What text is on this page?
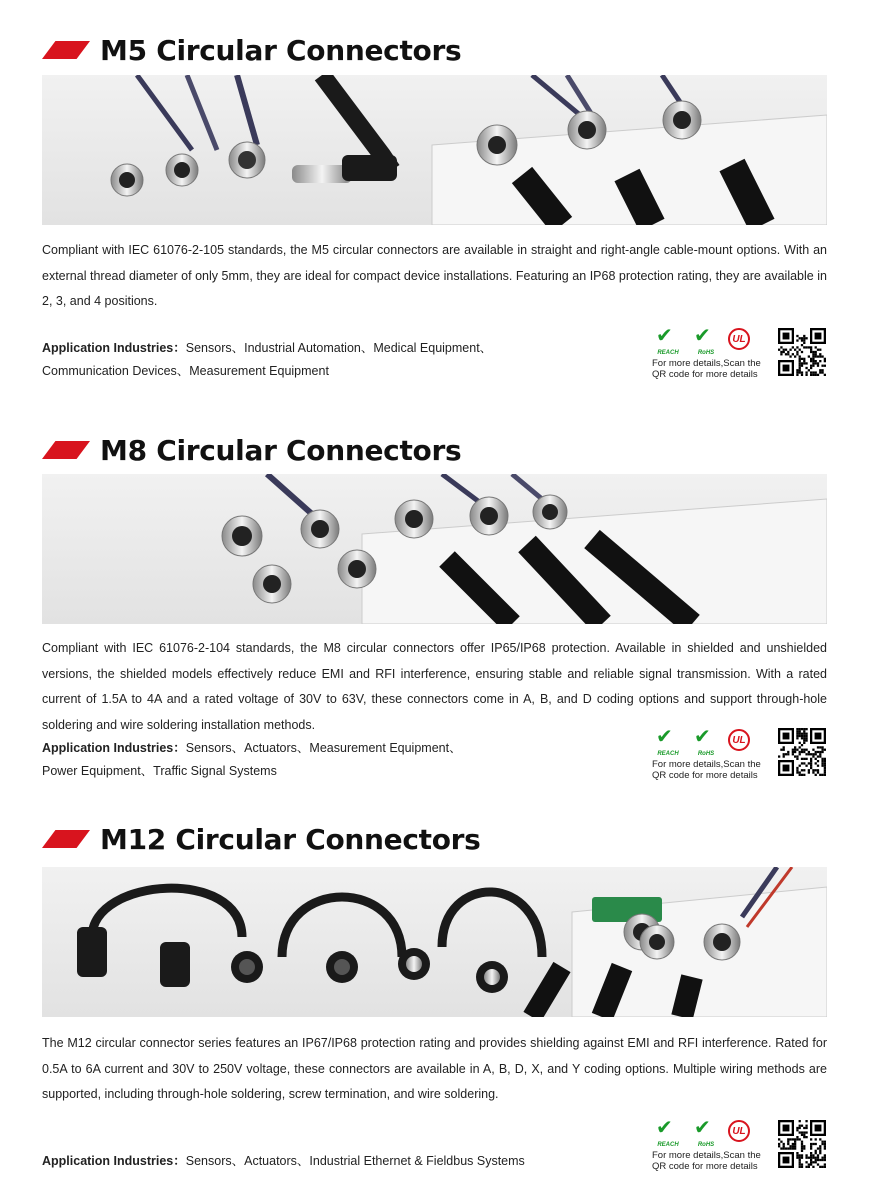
M5 Circular Connectors

Compliant with IEC 61076-2-105 standards, the M5 circular connectors are available in straight and right-angle cable-mount options. With an external thread diameter of only 5mm, they are ideal for compact device installations. Featuring an IP68 protection rating, they are available in 2, 3, and 4 positions.

Application Industries：Sensors、Industrial Automation、Medical Equipment、
Communication Devices、Measurement Equipment
✔
REACH
✔
RoHS
UL
For more details,Scan the
QR code for more details
M8 Circular Connectors

Compliant with IEC 61076-2-104 standards, the M8 circular connectors offer IP65/IP68 protection. Available in shielded and unshielded versions, the shielded models effectively reduce EMI and RFI interference, ensuring stable and reliable signal transmission. With a rated current of 1.5A to 4A and a rated voltage of 30V to 63V, these connectors come in A, B, and D coding options and support through-hole soldering and wire soldering installation methods.

Application Industries：Sensors、Actuators、Measurement Equipment、
Power Equipment、Traffic Signal Systems
✔
REACH
✔
RoHS
UL
For more details,Scan the
QR code for more details
M12 Circular Connectors

The M12 circular connector series features an IP67/IP68 protection rating and provides shielding against EMI and RFI interference. Rated for 0.5A to 6A current and 30V to 250V voltage, these connectors are available in A, B, D, X, and Y coding options. Multiple wiring methods are supported, including through-hole soldering, screw termination, and wire soldering.

Application Industries：Sensors、Actuators、Industrial Ethernet & Fieldbus Systems
✔
REACH
✔
RoHS
UL
For more details,Scan the
QR code for more details
